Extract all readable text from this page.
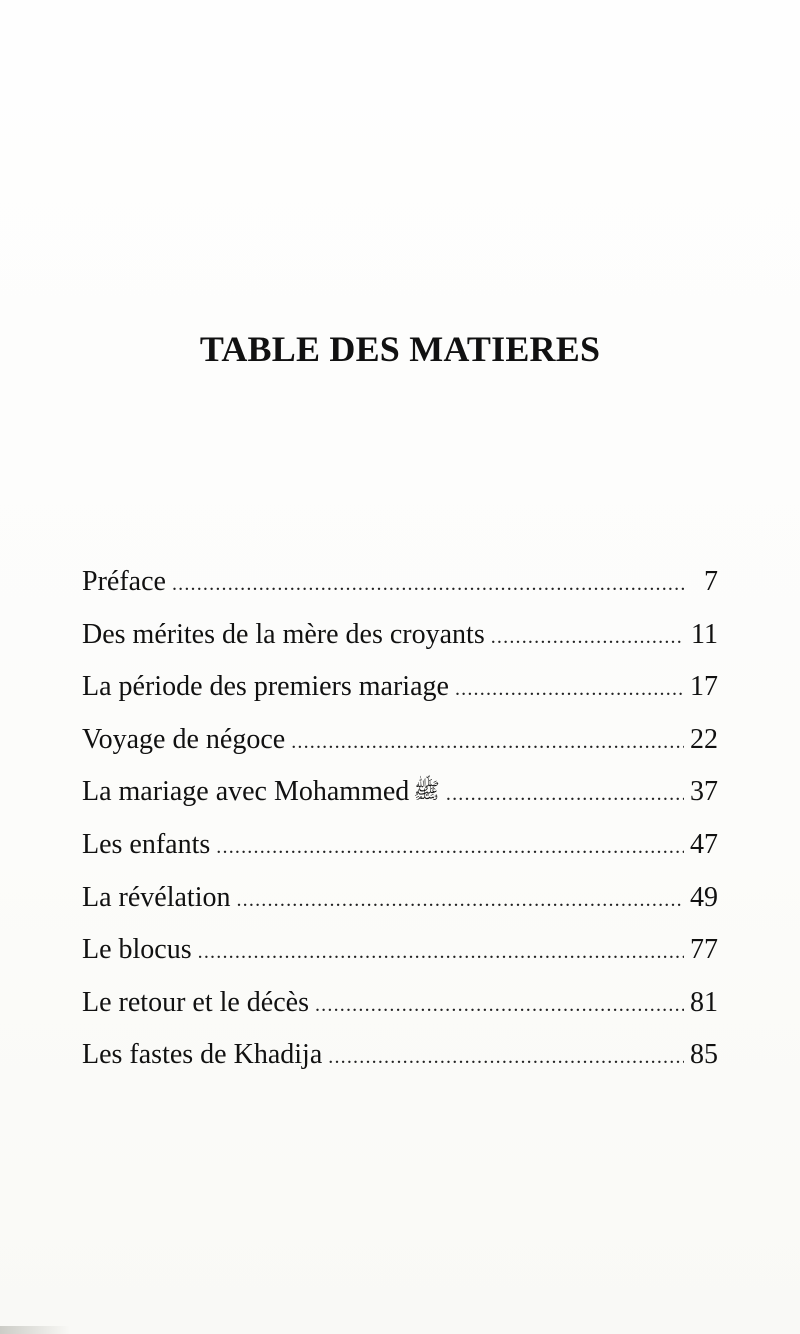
TABLE DES MATIERES
Préface .....	7
Des mérites de la mère des croyants .....	11
La période des premiers mariage .....	17
Voyage de négoce .....	22
La mariage avec Mohammed ﷺ .....	37
Les enfants .....	47
La révélation .....	49
Le blocus .....	77
Le retour et le décès .....	81
Les fastes de Khadija .....	85
